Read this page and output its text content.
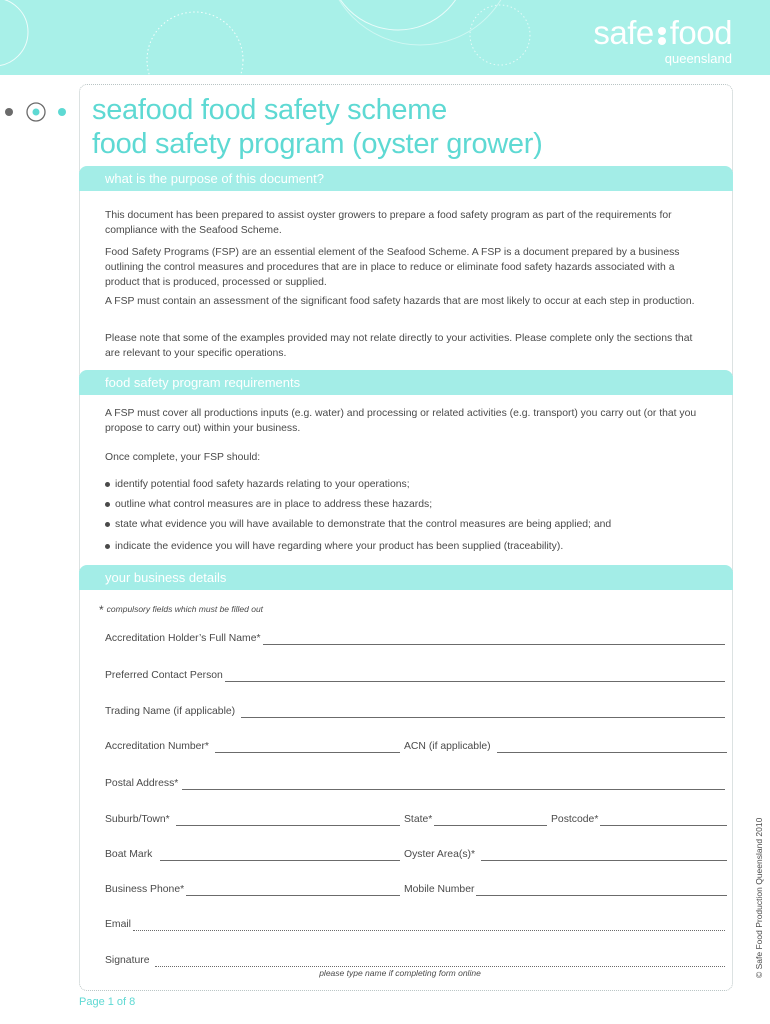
safe food
queensland
seafood food safety scheme
food safety program (oyster grower)
what is the purpose of this document?
This document has been prepared to assist oyster growers to prepare a food safety program as part of the requirements for compliance with the Seafood Scheme.
Food Safety Programs (FSP) are an essential element of the Seafood Scheme. A FSP is a document prepared by a business outlining the control measures and procedures that are in place to reduce or eliminate food safety hazards associated with a product that is produced, processed or supplied.
A FSP must contain an assessment of the significant food safety hazards that are most likely to occur at each step in production.
Please note that some of the examples provided may not relate directly to your activities. Please complete only the sections that are relevant to your specific operations.
food safety program requirements
A FSP must cover all productions inputs (e.g. water) and processing or related activities (e.g. transport) you carry out (or that you propose to carry out) within your business.
Once complete, your FSP should:
identify potential food safety hazards relating to your operations;
outline what control measures are in place to address these hazards;
state what evidence you will have available to demonstrate that the control measures are being applied; and
indicate the evidence you will have regarding where your product has been supplied (traceability).
your business details
* compulsory fields which must be filled out
Accreditation Holder’s Full Name*
Preferred Contact Person
Trading Name (if applicable)
Accreditation Number*	ACN (if applicable)
Postal Address*
Suburb/Town*	State*	Postcode*
Boat Mark	Oyster Area(s)*
Business Phone*	Mobile Number
Email
Signature
please type name if completing form online	© Safe Food Production Queensland 2010
Page 1 of 8
